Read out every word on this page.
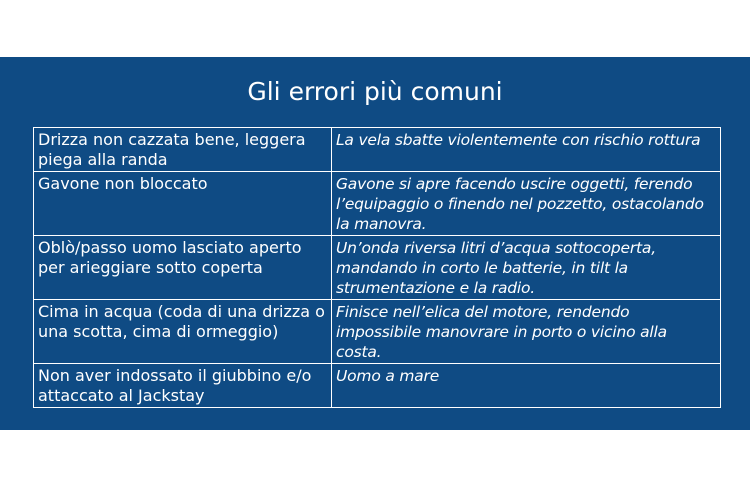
Gli errori più comuni
Drizza non cazzata bene, leggera piega alla randa	La vela sbatte violentemente con rischio rottura
Gavone non bloccato	Gavone si apre facendo uscire oggetti, ferendo l’equipaggio o finendo nel pozzetto, ostacolando la manovra.
Oblò/passo uomo lasciato aperto per arieggiare sotto coperta	Un’onda riversa litri d’acqua sottocoperta, mandando in corto le batterie, in tilt la strumentazione e la radio.
Cima in acqua (coda di una drizza o una scotta, cima di ormeggio)	Finisce nell’elica del motore, rendendo impossibile manovrare in porto o vicino alla costa.
Non aver indossato il giubbino e/o attaccato al Jackstay	Uomo a mare
